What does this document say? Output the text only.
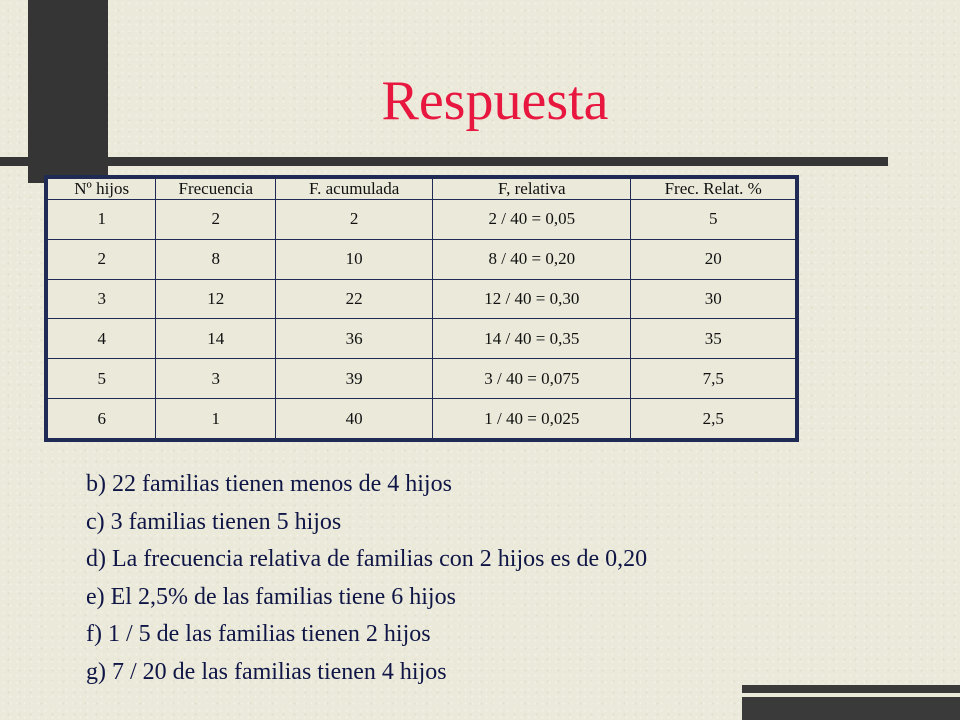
Respuesta
Nº hijos	Frecuencia	F. acumulada	F, relativa	Frec. Relat. %
1	2	2	2 / 40 = 0,05	5
2	8	10	8 / 40 = 0,20	20
3	12	22	12 / 40 = 0,30	30
4	14	36	14 / 40 = 0,35	35
5	3	39	3 / 40 = 0,075	7,5
6	1	40	1 / 40 = 0,025	2,5
b) 22 familias tienen menos de 4 hijos
c) 3 familias tienen 5 hijos
d) La frecuencia relativa de familias con 2 hijos es de 0,20
e) El 2,5% de las familias tiene 6 hijos
f) 1 / 5 de las familias tienen 2 hijos
g) 7 / 20 de las familias tienen 4 hijos
